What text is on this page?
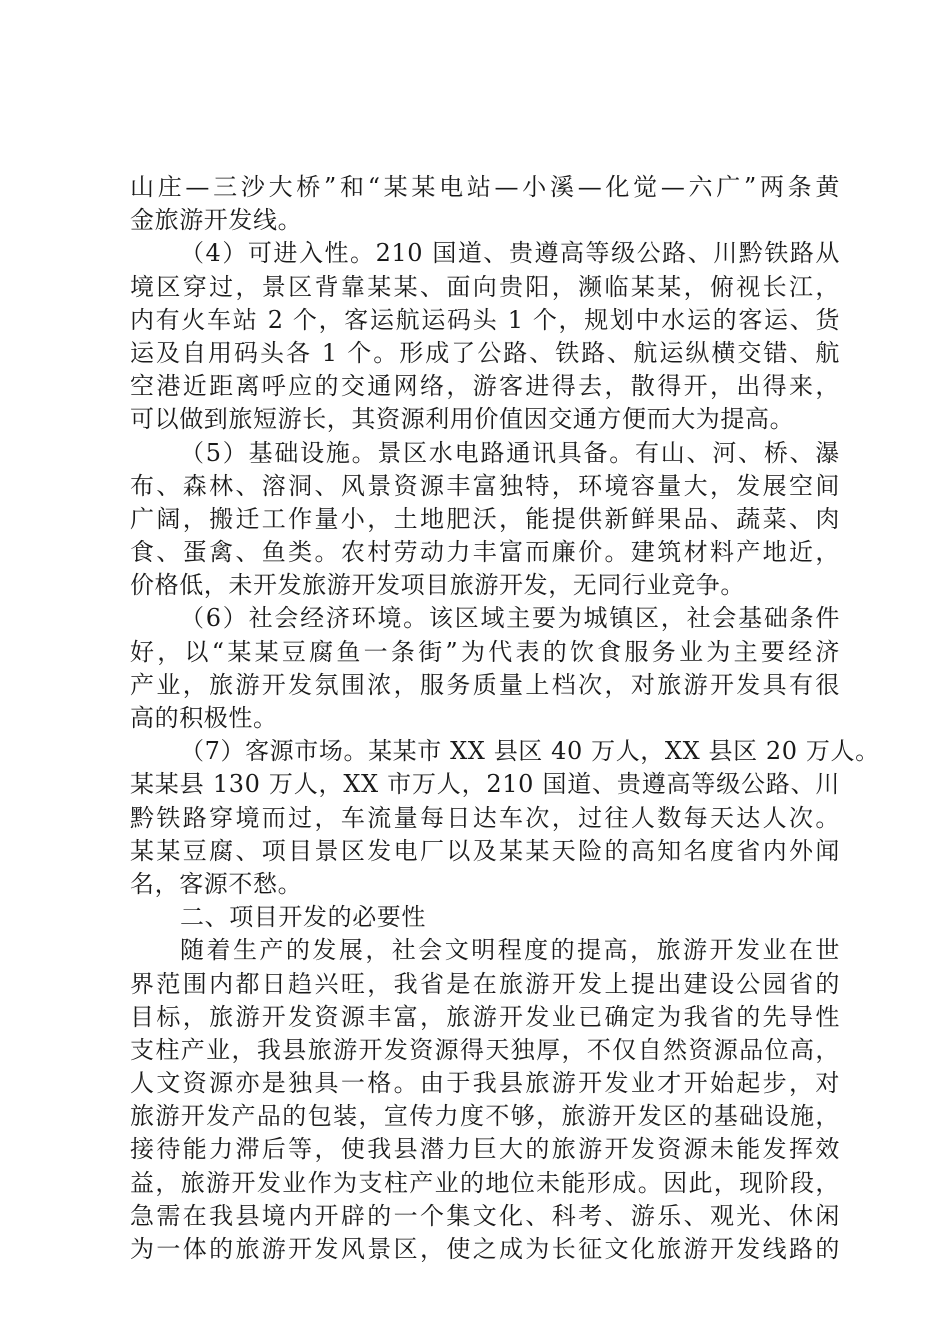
山庄—三沙大桥”和“某某电站—小溪—化觉—六广”两条黄
金旅游开发线。
（4）可进入性。210 国道、贵遵高等级公路、川黔铁路从
境区穿过，景区背靠某某、面向贵阳，濒临某某，俯视长江，
内有火车站 2 个，客运航运码头 1 个，规划中水运的客运、货
运及自用码头各 1 个。形成了公路、铁路、航运纵横交错、航
空港近距离呼应的交通网络，游客进得去，散得开，出得来，
可以做到旅短游长，其资源利用价值因交通方便而大为提高。
（5）基础设施。景区水电路通讯具备。有山、河、桥、瀑
布、森林、溶洞、风景资源丰富独特，环境容量大，发展空间
广阔，搬迁工作量小，土地肥沃，能提供新鲜果品、蔬菜、肉
食、蛋禽、鱼类。农村劳动力丰富而廉价。建筑材料产地近，
价格低，未开发旅游开发项目旅游开发，无同行业竞争。
（6）社会经济环境。该区域主要为城镇区，社会基础条件
好，以“某某豆腐鱼一条街”为代表的饮食服务业为主要经济
产业，旅游开发氛围浓，服务质量上档次，对旅游开发具有很
高的积极性。
（7）客源市场。某某市 XX 县区 40 万人，XX 县区 20 万人。
某某县 130 万人，XX 市万人，210 国道、贵遵高等级公路、川
黔铁路穿境而过，车流量每日达车次，过往人数每天达人次。
某某豆腐、项目景区发电厂以及某某天险的高知名度省内外闻
名，客源不愁。
二、项目开发的必要性
随着生产的发展，社会文明程度的提高，旅游开发业在世
界范围内都日趋兴旺，我省是在旅游开发上提出建设公园省的
目标，旅游开发资源丰富，旅游开发业已确定为我省的先导性
支柱产业，我县旅游开发资源得天独厚，不仅自然资源品位高，
人文资源亦是独具一格。由于我县旅游开发业才开始起步，对
旅游开发产品的包装，宣传力度不够，旅游开发区的基础设施，
接待能力滞后等，使我县潜力巨大的旅游开发资源未能发挥效
益，旅游开发业作为支柱产业的地位未能形成。因此，现阶段，
急需在我县境内开辟的一个集文化、科考、游乐、观光、休闲
为一体的旅游开发风景区，使之成为长征文化旅游开发线路的
